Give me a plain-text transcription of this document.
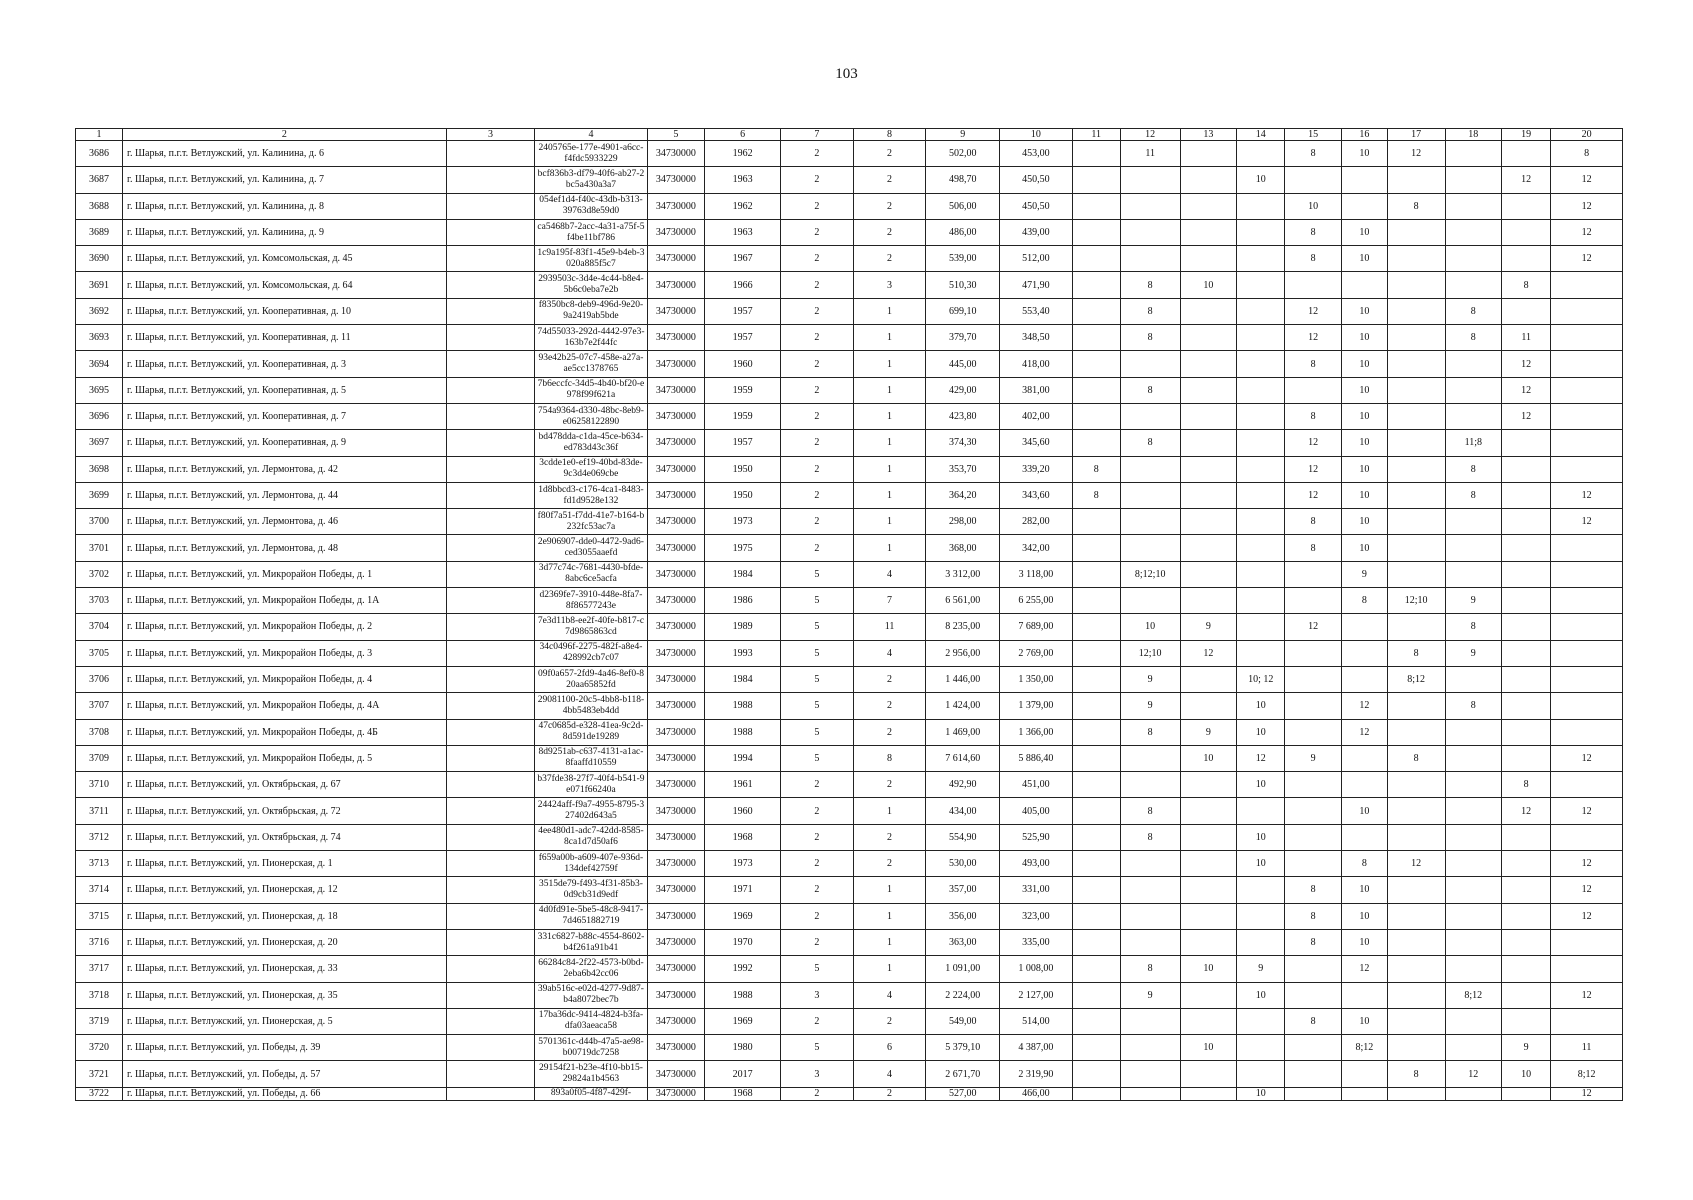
103
1	2	3	4	5	6	7	8	9	10	11	12	13	14	15	16	17	18	19	20
3686	г. Шарья, п.г.т. Ветлужский, ул. Калинина, д. 6		2405765e-177e-4901-a6cc-f4fdc5933229	34730000	1962	2	2	502,00	453,00		11			8	10	12			8
3687	г. Шарья, п.г.т. Ветлужский, ул. Калинина, д. 7		bcf836b3-df79-40f6-ab27-2bc5a430a3a7	34730000	1963	2	2	498,70	450,50				10					12	12
3688	г. Шарья, п.г.т. Ветлужский, ул. Калинина, д. 8		054ef1d4-f40c-43db-b313-39763d8e59d0	34730000	1962	2	2	506,00	450,50					10		8			12
3689	г. Шарья, п.г.т. Ветлужский, ул. Калинина, д. 9		ca5468b7-2acc-4a31-a75f-5f4be11bf786	34730000	1963	2	2	486,00	439,00					8	10				12
3690	г. Шарья, п.г.т. Ветлужский, ул. Комсомольская, д. 45		1c9a195f-83f1-45e9-b4eb-3020a885f5c7	34730000	1967	2	2	539,00	512,00					8	10				12
3691	г. Шарья, п.г.т. Ветлужский, ул. Комсомольская, д. 64		2939503c-3d4e-4c44-b8e4-5b6c0eba7e2b	34730000	1966	2	3	510,30	471,90		8	10						8	
3692	г. Шарья, п.г.т. Ветлужский, ул. Кооперативная, д. 10		f8350bc8-deb9-496d-9e20-9a2419ab5bde	34730000	1957	2	1	699,10	553,40		8			12	10		8		
3693	г. Шарья, п.г.т. Ветлужский, ул. Кооперативная, д. 11		74d55033-292d-4442-97e3-163b7e2f44fc	34730000	1957	2	1	379,70	348,50		8			12	10		8	11	
3694	г. Шарья, п.г.т. Ветлужский, ул. Кооперативная, д. 3		93e42b25-07c7-458e-a27a-ae5cc1378765	34730000	1960	2	1	445,00	418,00					8	10			12	
3695	г. Шарья, п.г.т. Ветлужский, ул. Кооперативная, д. 5		7b6eccfc-34d5-4b40-bf20-e978f99f621a	34730000	1959	2	1	429,00	381,00		8				10			12	
3696	г. Шарья, п.г.т. Ветлужский, ул. Кооперативная, д. 7		754a9364-d330-48bc-8eb9-e06258122890	34730000	1959	2	1	423,80	402,00					8	10			12	
3697	г. Шарья, п.г.т. Ветлужский, ул. Кооперативная, д. 9		bd478dda-c1da-45ce-b634-ed783d43c36f	34730000	1957	2	1	374,30	345,60		8			12	10		11;8		
3698	г. Шарья, п.г.т. Ветлужский, ул. Лермонтова, д. 42		3cdde1e0-ef19-40bd-83de-9c3d4e069cbe	34730000	1950	2	1	353,70	339,20	8				12	10		8		
3699	г. Шарья, п.г.т. Ветлужский, ул. Лермонтова, д. 44		1d8bbcd3-c176-4ca1-8483-fd1d9528e132	34730000	1950	2	1	364,20	343,60	8				12	10		8		12
3700	г. Шарья, п.г.т. Ветлужский, ул. Лермонтова, д. 46		f80f7a51-f7dd-41e7-b164-b232fc53ac7a	34730000	1973	2	1	298,00	282,00					8	10				12
3701	г. Шарья, п.г.т. Ветлужский, ул. Лермонтова, д. 48		2e906907-dde0-4472-9ad6-ced3055aaefd	34730000	1975	2	1	368,00	342,00					8	10				
3702	г. Шарья, п.г.т. Ветлужский, ул. Микрорайон Победы, д. 1		3d77c74c-7681-4430-bfde-8abc6ce5acfa	34730000	1984	5	4	3 312,00	3 118,00		8;12;10				9				
3703	г. Шарья, п.г.т. Ветлужский, ул. Микрорайон Победы, д. 1А		d2369fe7-3910-448e-8fa7-8f86577243e	34730000	1986	5	7	6 561,00	6 255,00						8	12;10	9		
3704	г. Шарья, п.г.т. Ветлужский, ул. Микрорайон Победы, д. 2		7e3d11b8-ee2f-40fe-b817-c7d9865863cd	34730000	1989	5	11	8 235,00	7 689,00		10	9		12			8		
3705	г. Шарья, п.г.т. Ветлужский, ул. Микрорайон Победы, д. 3		34c0496f-2275-482f-a8e4-428992cb7c07	34730000	1993	5	4	2 956,00	2 769,00		12;10	12				8	9		
3706	г. Шарья, п.г.т. Ветлужский, ул. Микрорайон Победы, д. 4		09f0a657-2fd9-4a46-8ef0-820aa65852fd	34730000	1984	5	2	1 446,00	1 350,00		9		10; 12			8;12			
3707	г. Шарья, п.г.т. Ветлужский, ул. Микрорайон Победы, д. 4А		29081100-20c5-4bb8-b118-4bb5483eb4dd	34730000	1988	5	2	1 424,00	1 379,00		9		10		12		8		
3708	г. Шарья, п.г.т. Ветлужский, ул. Микрорайон Победы, д. 4Б		47c0685d-e328-41ea-9c2d-8d591de19289	34730000	1988	5	2	1 469,00	1 366,00		8	9	10		12				
3709	г. Шарья, п.г.т. Ветлужский, ул. Микрорайон Победы, д. 5		8d9251ab-c637-4131-a1ac-8faaffd10559	34730000	1994	5	8	7 614,60	5 886,40			10	12	9		8			12
3710	г. Шарья, п.г.т. Ветлужский, ул. Октябрьская, д. 67		b37fde38-27f7-40f4-b541-9e071f66240a	34730000	1961	2	2	492,90	451,00				10					8	
3711	г. Шарья, п.г.т. Ветлужский, ул. Октябрьская, д. 72		24424aff-f9a7-4955-8795-327402d643a5	34730000	1960	2	1	434,00	405,00		8				10			12	12
3712	г. Шарья, п.г.т. Ветлужский, ул. Октябрьская, д. 74		4ee480d1-adc7-42dd-8585-8ca1d7d50af6	34730000	1968	2	2	554,90	525,90		8		10						
3713	г. Шарья, п.г.т. Ветлужский, ул. Пионерская, д. 1		f659a00b-a609-407e-936d-134def42759f	34730000	1973	2	2	530,00	493,00				10		8	12			12
3714	г. Шарья, п.г.т. Ветлужский, ул. Пионерская, д. 12		3515de79-f493-4f31-85b3-0d9cb31d9edf	34730000	1971	2	1	357,00	331,00					8	10				12
3715	г. Шарья, п.г.т. Ветлужский, ул. Пионерская, д. 18		4d0fd91e-5be5-48c8-9417-7d4651882719	34730000	1969	2	1	356,00	323,00					8	10				12
3716	г. Шарья, п.г.т. Ветлужский, ул. Пионерская, д. 20		331c6827-b88c-4554-8602-b4f261a91b41	34730000	1970	2	1	363,00	335,00					8	10				
3717	г. Шарья, п.г.т. Ветлужский, ул. Пионерская, д. 33		66284c84-2f22-4573-b0bd-2eba6b42cc06	34730000	1992	5	1	1 091,00	1 008,00		8	10	9		12				
3718	г. Шарья, п.г.т. Ветлужский, ул. Пионерская, д. 35		39ab516c-e02d-4277-9d87-b4a8072bec7b	34730000	1988	3	4	2 224,00	2 127,00		9		10				8;12		12
3719	г. Шарья, п.г.т. Ветлужский, ул. Пионерская, д. 5		17ba36dc-9414-4824-b3fa-dfa03aeaca58	34730000	1969	2	2	549,00	514,00					8	10				
3720	г. Шарья, п.г.т. Ветлужский, ул. Победы, д. 39		5701361c-d44b-47a5-ae98-b00719dc7258	34730000	1980	5	6	5 379,10	4 387,00			10			8;12			9	11
3721	г. Шарья, п.г.т. Ветлужский, ул. Победы, д. 57		29154f21-b23e-4f10-bb15-29824a1b4563	34730000	2017	3	4	2 671,70	2 319,90							8	12	10	8;12
3722	г. Шарья, п.г.т. Ветлужский, ул. Победы, д. 66		893a0f05-4f87-429f-	34730000	1968	2	2	527,00	466,00				10						12
